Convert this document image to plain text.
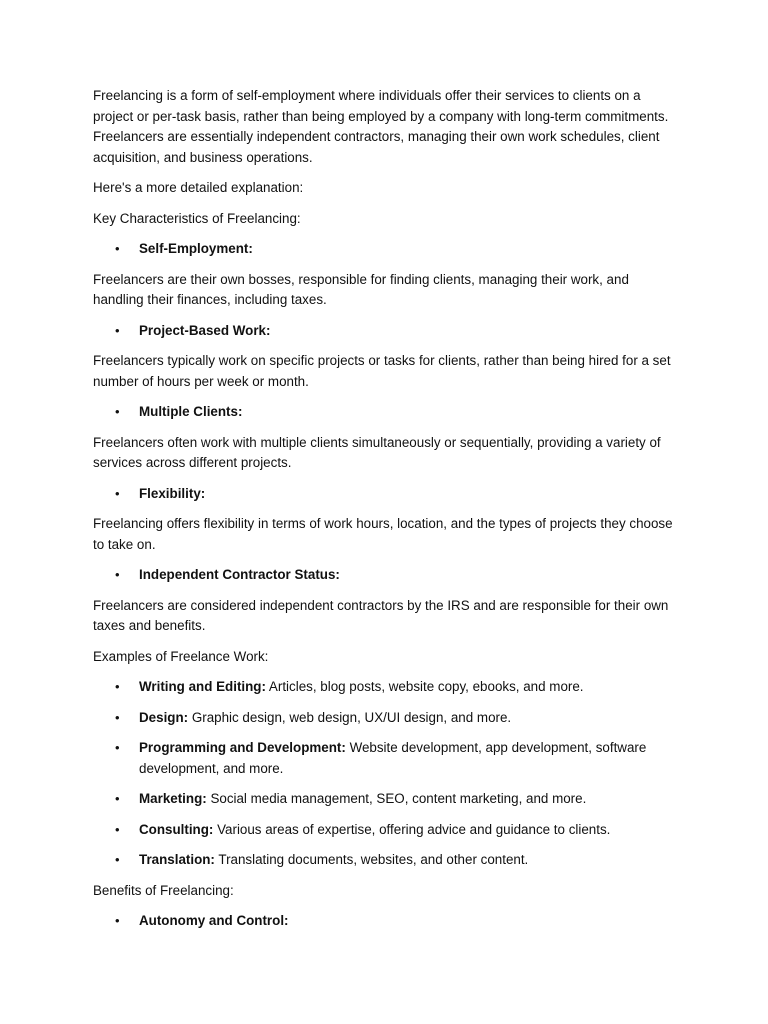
Freelancing is a form of self-employment where individuals offer their services to clients on a project or per-task basis, rather than being employed by a company with long-term commitments. Freelancers are essentially independent contractors, managing their own work schedules, client acquisition, and business operations.

Here's a more detailed explanation:

Key Characteristics of Freelancing:

• Self-Employment:

Freelancers are their own bosses, responsible for finding clients, managing their work, and handling their finances, including taxes.

• Project-Based Work:

Freelancers typically work on specific projects or tasks for clients, rather than being hired for a set number of hours per week or month.

• Multiple Clients:

Freelancers often work with multiple clients simultaneously or sequentially, providing a variety of services across different projects.

• Flexibility:

Freelancing offers flexibility in terms of work hours, location, and the types of projects they choose to take on.

• Independent Contractor Status:

Freelancers are considered independent contractors by the IRS and are responsible for their own taxes and benefits.

Examples of Freelance Work:

• Writing and Editing: Articles, blog posts, website copy, ebooks, and more.
• Design: Graphic design, web design, UX/UI design, and more.
• Programming and Development: Website development, app development, software development, and more.
• Marketing: Social media management, SEO, content marketing, and more.
• Consulting: Various areas of expertise, offering advice and guidance to clients.
• Translation: Translating documents, websites, and other content.

Benefits of Freelancing:

• Autonomy and Control:
